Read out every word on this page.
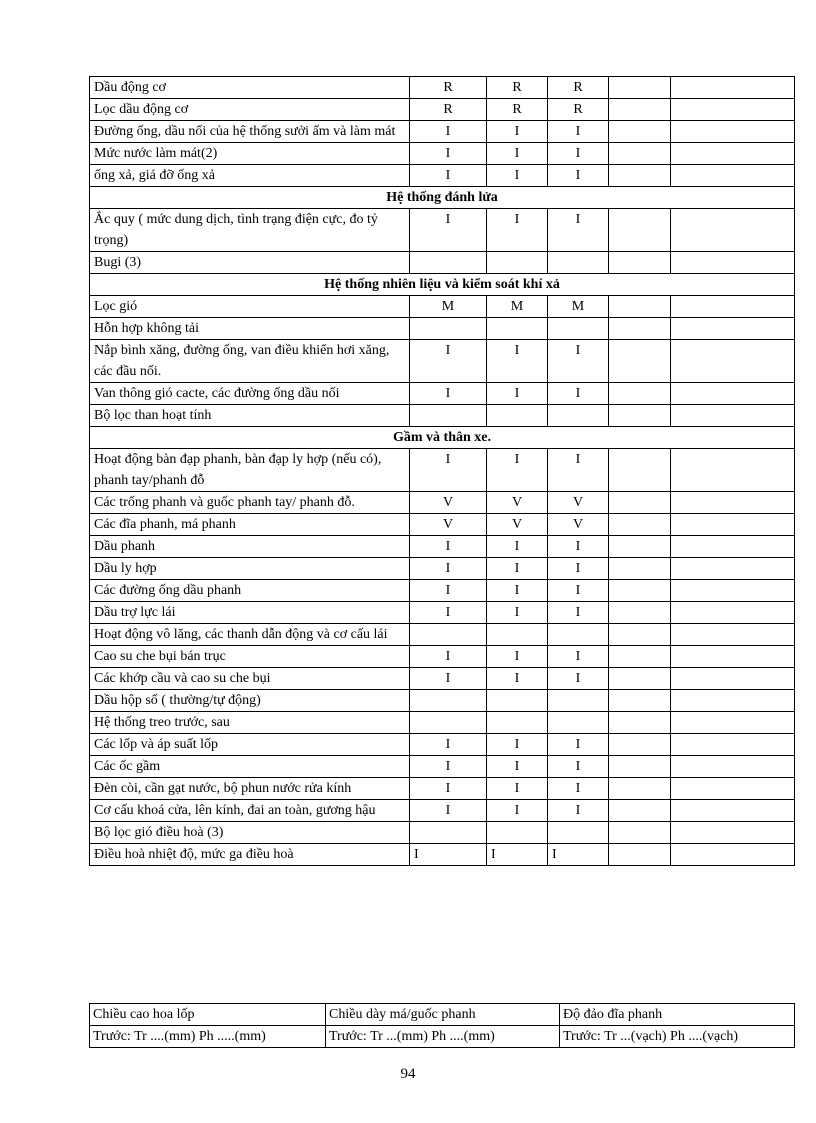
Dầu động cơ	R	R	R		
Lọc dầu động cơ	R	R	R		
Đường ống, dầu nối của hệ thống sưởi ấm và làm mát	I	I	I		
Mức nước làm mát(2)	I	I	I		
ống xả, giá đỡ ống xả	I	I	I		
Hệ thống đánh lửa					
Ắc quy ( mức dung dịch, tình trạng điện cực, đo tỷ trọng)	I	I	I		
Bugi (3)					
Hệ thống nhiên liệu và kiểm soát khí xả					
Lọc gió	M	M	M		
Hỗn hợp không tải					
Nắp bình xăng, đường ống, van điều khiển hơi xăng, các đầu nối.	I	I	I		
Van thông gió cacte, các đường ống dầu nối	I	I	I		
Bộ lọc than hoạt tính					
Gầm và thân xe.					
Hoạt động bàn đạp phanh, bàn đạp ly hợp (nếu có), phanh tay/phanh đỗ	I	I	I		
Các trống phanh và guốc phanh tay/ phanh đỗ.	V	V	V		
Các đĩa phanh, má phanh	V	V	V		
Dầu phanh	I	I	I		
Dầu ly hợp	I	I	I		
Các đường ống dầu phanh	I	I	I		
Dầu trợ lực lái	I	I	I		
Hoạt động vô lăng, các thanh dẫn động và cơ cấu lái					
Cao su che bụi bán trục	I	I	I		
Các khớp cầu và cao su che bụi	I	I	I		
Dầu hộp số ( thường/tự động)					
Hệ thống treo trước, sau					
Các lốp và áp suất lốp	I	I	I		
Các ốc gầm	I	I	I		
Đèn còi, cần gạt nước, bộ phun nước rửa kính	I	I	I		
Cơ cấu khoá cửa, lên kính, đai an toàn, gương hậu	I	I	I		
Bộ lọc gió điều hoà (3)					
Điều hoà nhiệt độ, mức ga điều hoà	I	I	I		
Chiều cao hoa lốp	Chiều dày má/guốc phanh	Độ đảo đĩa phanh
Trước: Tr ....(mm) Ph .....(mm)	Trước: Tr ...(mm) Ph ....(mm)	Trước: Tr ...(vạch) Ph ....(vạch)
94
